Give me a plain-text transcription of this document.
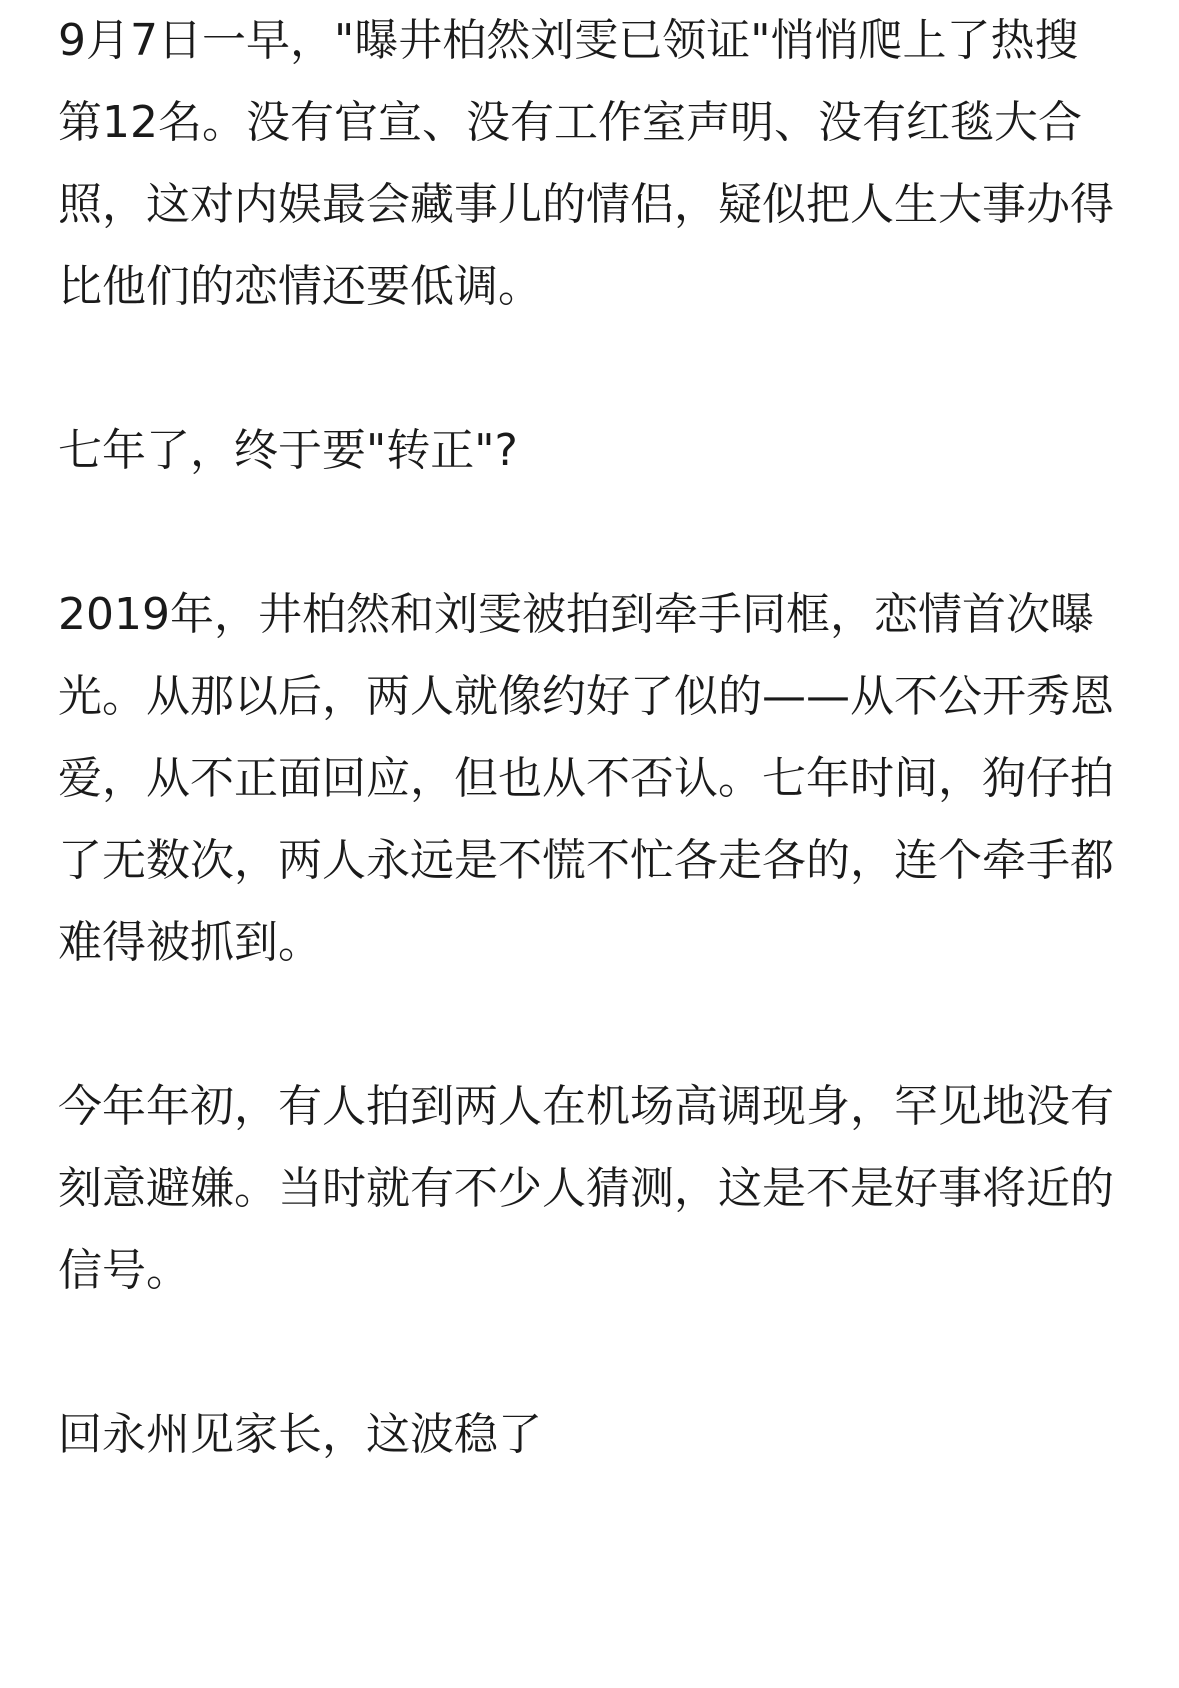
9月7日一早，"曝井柏然刘雯已领证"悄悄爬上了热搜第12名。没有官宣、没有工作室声明、没有红毯大合照，这对内娱最会藏事儿的情侣，疑似把人生大事办得比他们的恋情还要低调。

七年了，终于要"转正"?

2019年，井柏然和刘雯被拍到牵手同框，恋情首次曝光。从那以后，两人就像约好了似的——从不公开秀恩爱，从不正面回应，但也从不否认。七年时间，狗仔拍了无数次，两人永远是不慌不忙各走各的，连个牵手都难得被抓到。

今年年初，有人拍到两人在机场高调现身，罕见地没有刻意避嫌。当时就有不少人猜测，这是不是好事将近的信号。

回永州见家长，这波稳了
